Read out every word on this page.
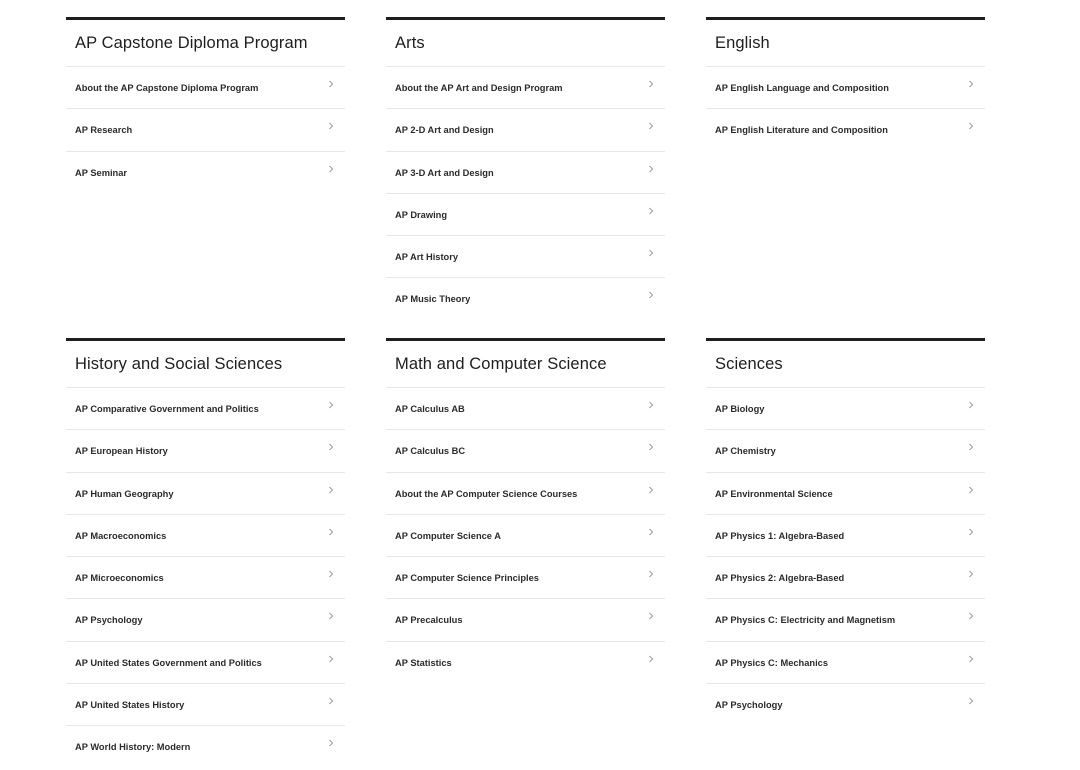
AP Capstone Diploma Program
About the AP Capstone Diploma Program
AP Research
AP Seminar
Arts
About the AP Art and Design Program
AP 2-D Art and Design
AP 3-D Art and Design
AP Drawing
AP Art History
AP Music Theory
English
AP English Language and Composition
AP English Literature and Composition
History and Social Sciences
AP Comparative Government and Politics
AP European History
AP Human Geography
AP Macroeconomics
AP Microeconomics
AP Psychology
AP United States Government and Politics
AP United States History
AP World History: Modern
Math and Computer Science
AP Calculus AB
AP Calculus BC
About the AP Computer Science Courses
AP Computer Science A
AP Computer Science Principles
AP Precalculus
AP Statistics
Sciences
AP Biology
AP Chemistry
AP Environmental Science
AP Physics 1: Algebra-Based
AP Physics 2: Algebra-Based
AP Physics C: Electricity and Magnetism
AP Physics C: Mechanics
AP Psychology
